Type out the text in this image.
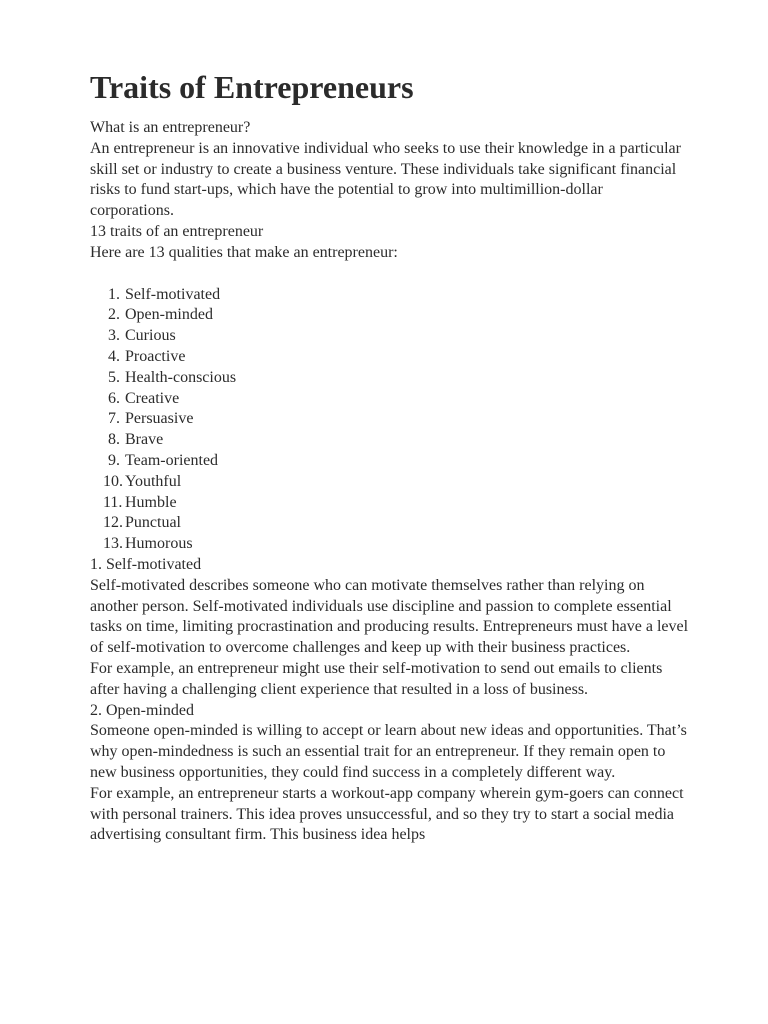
Traits of Entrepreneurs

What is an entrepreneur?

An entrepreneur is an innovative individual who seeks to use their knowledge in a particular skill set or industry to create a business venture. These individuals take significant financial risks to fund start-ups, which have the potential to grow into multimillion-dollar corporations.

13 traits of an entrepreneur

Here are 13 qualities that make an entrepreneur:

1. Self-motivated
2. Open-minded
3. Curious
4. Proactive
5. Health-conscious
6. Creative
7. Persuasive
8. Brave
9. Team-oriented
10. Youthful
11. Humble
12. Punctual
13. Humorous

1. Self-motivated

Self-motivated describes someone who can motivate themselves rather than relying on another person. Self-motivated individuals use discipline and passion to complete essential tasks on time, limiting procrastination and producing results. Entrepreneurs must have a level of self-motivation to overcome challenges and keep up with their business practices.

For example, an entrepreneur might use their self-motivation to send out emails to clients after having a challenging client experience that resulted in a loss of business.

2. Open-minded

Someone open-minded is willing to accept or learn about new ideas and opportunities. That’s why open-mindedness is such an essential trait for an entrepreneur. If they remain open to new business opportunities, they could find success in a completely different way.

For example, an entrepreneur starts a workout-app company wherein gym-goers can connect with personal trainers. This idea proves unsuccessful, and so they try to start a social media advertising consultant firm. This business idea helps
